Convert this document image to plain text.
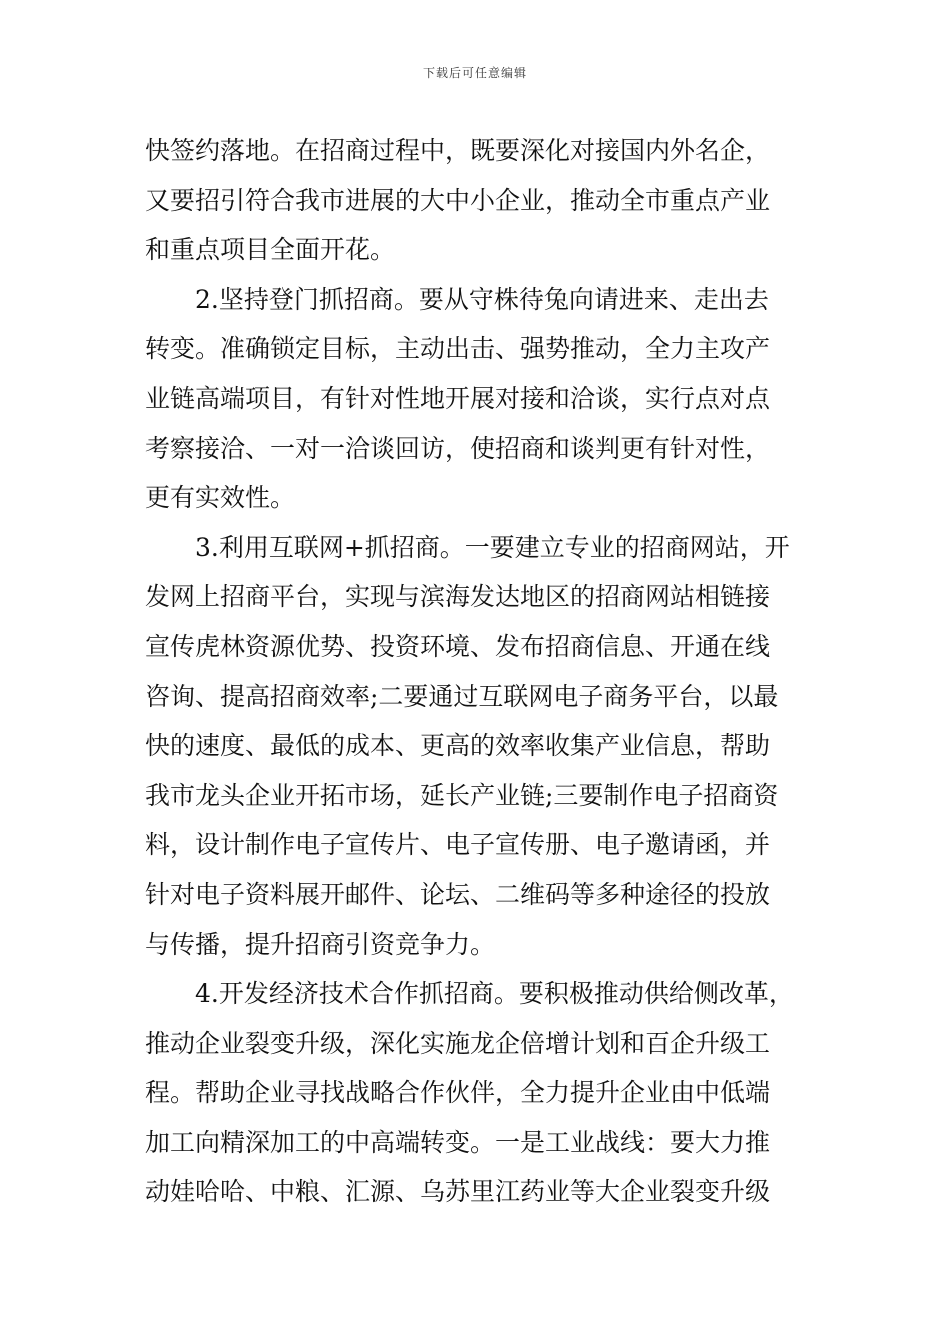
下载后可任意编辑
快签约落地。在招商过程中，既要深化对接国内外名企，
又要招引符合我市进展的大中小企业，推动全市重点产业
和重点项目全面开花。
2.坚持登门抓招商。要从守株待兔向请进来、走出去
转变。准确锁定目标，主动出击、强势推动，全力主攻产
业链高端项目，有针对性地开展对接和洽谈，实行点对点
考察接洽、一对一洽谈回访，使招商和谈判更有针对性，
更有实效性。
3.利用互联网+抓招商。一要建立专业的招商网站，开
发网上招商平台，实现与滨海发达地区的招商网站相链接
宣传虎林资源优势、投资环境、发布招商信息、开通在线
咨询、提高招商效率;二要通过互联网电子商务平台，以最
快的速度、最低的成本、更高的效率收集产业信息，帮助
我市龙头企业开拓市场，延长产业链;三要制作电子招商资
料，设计制作电子宣传片、电子宣传册、电子邀请函，并
针对电子资料展开邮件、论坛、二维码等多种途径的投放
与传播，提升招商引资竞争力。
4.开发经济技术合作抓招商。要积极推动供给侧改革，
推动企业裂变升级，深化实施龙企倍增计划和百企升级工
程。帮助企业寻找战略合作伙伴，全力提升企业由中低端
加工向精深加工的中高端转变。一是工业战线：要大力推
动娃哈哈、中粮、汇源、乌苏里江药业等大企业裂变升级
